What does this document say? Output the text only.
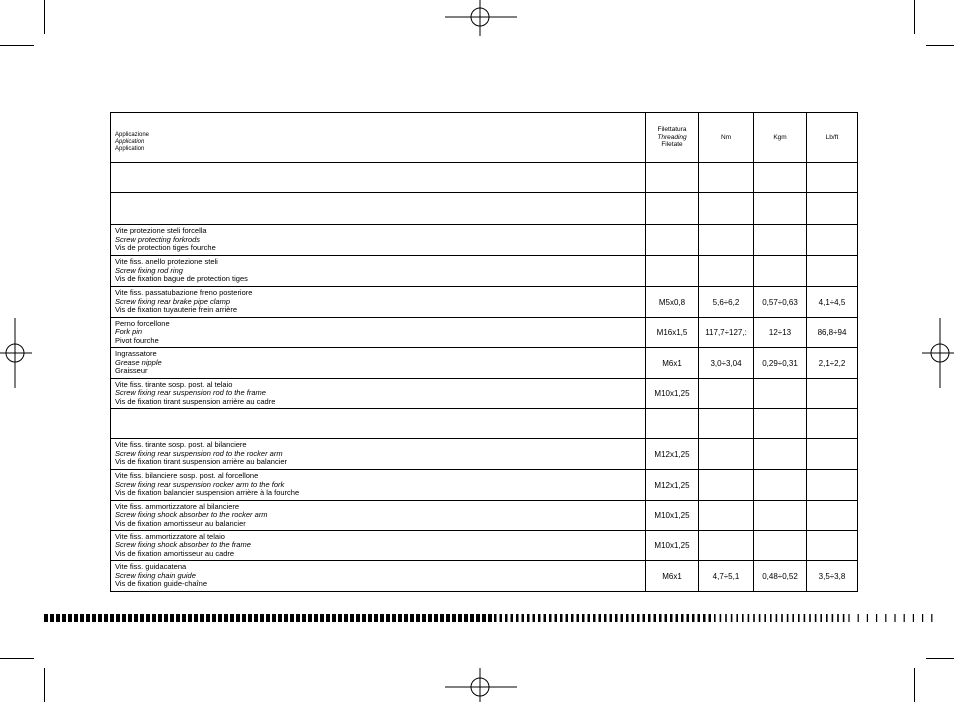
Applicazione
Application
Application	Filettatura
Threading
Filetate	Nm	Kgm	Lb/ft

Vite protezione steli forcella
Screw protecting forkrods
Vis de protection tiges fourche				

Vite fiss. anello protezione steli
Screw fixing rod ring
Vis de fixation bague de protection tiges				

Vite fiss. passatubazione freno posteriore
Screw fixing rear brake pipe clamp
Vis de fixation tuyauterie frein arrière	M5x0,8	5,6÷6,2	0,57÷0,63	4,1÷4,5

Perno forcellone
Fork pin
Pivot fourche	M16x1,5	117,7÷127,:	12÷13	86,8÷94

Ingrassatore
Grease nipple
Graisseur	M6x1	3,0÷3,04	0,29÷0,31	2,1÷2,2

Vite fiss. tirante sosp. post. al telaio
Screw fixing rear suspension rod to the frame
Vis de fixation tirant suspension arrière au cadre	M10x1,25			

Vite fiss. tirante sosp. post. al bilanciere
Screw fixing rear suspension rod to the rocker arm
Vis de fixation tirant suspension arrière au balancier	M12x1,25			

Vite fiss. bilanciere sosp. post. al forcellone
Screw fixing rear suspension rocker arm to the fork
Vis de fixation balancier suspension arrière à la fourche	M12x1,25			

Vite fiss. ammortizzatore al bilanciere
Screw fixing shock absorber to the rocker arm
Vis de fixation amortisseur au balancier	M10x1,25			

Vite fiss. ammortizzatore al telaio
Screw fixing shock absorber to the frame
Vis de fixation amortisseur au cadre	M10x1,25			

Vite fiss. guidacatena
Screw fixing chain guide
Vis de fixation guide-chaîne	M6x1	4,7÷5,1	0,48÷0,52	3,5÷3,8
